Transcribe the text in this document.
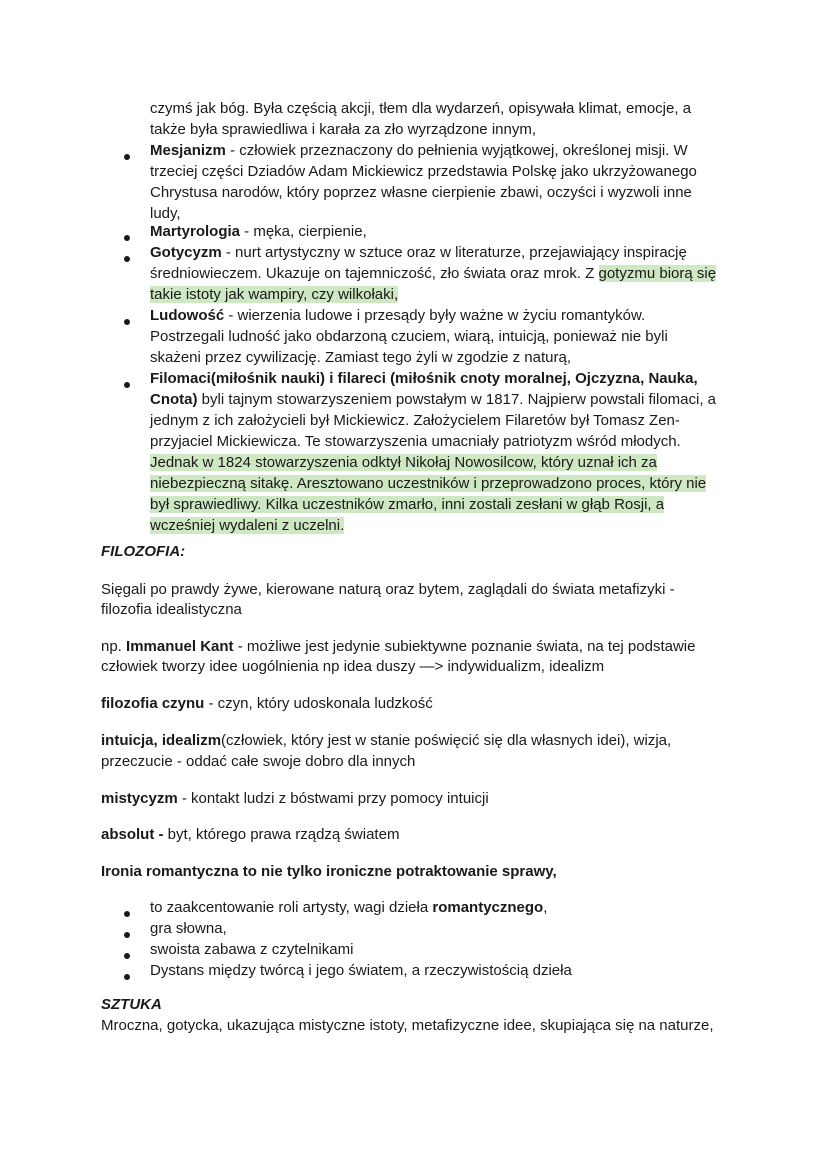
czymś jak bóg. Była częścią akcji, tłem dla wydarzeń, opisywała klimat, emocje, a
także była sprawiedliwa i karała za zło wyrządzone innym,
Mesjanizm - człowiek przeznaczony do pełnienia wyjątkowej, określonej misji. W
trzeciej części Dziadów Adam Mickiewicz przedstawia Polskę jako ukrzyżowanego
Chrystusa narodów, który poprzez własne cierpienie zbawi, oczyści i wyzwoli inne
ludy,
Martyrologia - męka, cierpienie,
Gotycyzm - nurt artystyczny w sztuce oraz w literaturze, przejawiający inspirację
średniowieczem. Ukazuje on tajemniczość, zło świata oraz mrok. Z gotyzmu biorą się
takie istoty jak wampiry, czy wilkołaki,
Ludowość - wierzenia ludowe i przesądy były ważne w życiu romantyków.
Postrzegali ludność jako obdarzoną czuciem, wiarą, intuicją, ponieważ nie byli
skażeni przez cywilizację. Zamiast tego żyli w zgodzie z naturą,
Filomaci(miłośnik nauki) i filareci (miłośnik cnoty moralnej, Ojczyzna, Nauka,
Cnota) byli tajnym stowarzyszeniem powstałym w 1817. Najpierw powstali filomaci, a
jednym z ich założycieli był Mickiewicz. Założycielem Filaretów był Tomasz Zen-
przyjaciel Mickiewicza. Te stowarzyszenia umacniały patriotyzm wśród młodych.
Jednak w 1824 stowarzyszenia odktył Nikołaj Nowosilcow, który uznał ich za
niebezpieczną sitakę. Aresztowano uczestników i przeprowadzono proces, który nie
był sprawiedliwy. Kilka uczestników zmarło, inni zostali zesłani w głąb Rosji, a
wcześniej wydaleni z uczelni.
FILOZOFIA:
Sięgali po prawdy żywe, kierowane naturą oraz bytem, zaglądali do świata metafizyki -
filozofia idealistyczna
np. Immanuel Kant - możliwe jest jedynie subiektywne poznanie świata, na tej podstawie
człowiek tworzy idee uogólnienia np idea duszy —> indywidualizm, idealizm
filozofia czynu - czyn, który udoskonala ludzkość
intuicja, idealizm(człowiek, który jest w stanie poświęcić się dla własnych idei), wizja,
przeczucie - oddać całe swoje dobro dla innych
mistycyzm - kontakt ludzi z bóstwami przy pomocy intuicji
absolut - byt, którego prawa rządzą światem
Ironia romantyczna to nie tylko ironiczne potraktowanie sprawy,
to zaakcentowanie roli artysty, wagi dzieła romantycznego,
gra słowna,
swoista zabawa z czytelnikami
Dystans między twórcą i jego światem, a rzeczywistością dzieła
SZTUKA
Mroczna, gotycka, ukazująca mistyczne istoty, metafizyczne idee, skupiająca się na naturze,
